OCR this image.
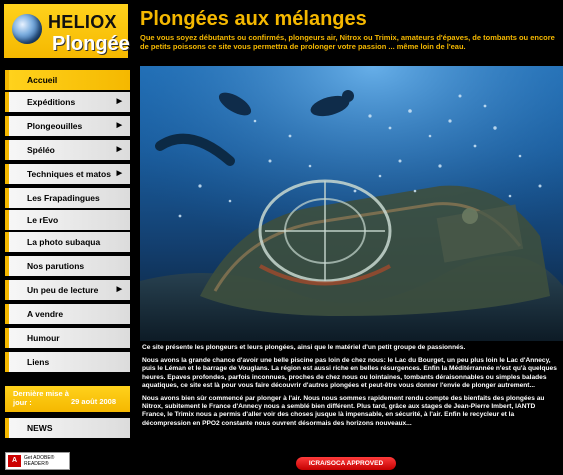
HELIOX
Plongée
Plongées aux mélanges
Que vous soyez débutants ou confirmés, plongeurs air, Nitrox ou Trimix, amateurs d'épaves, de tombants ou encore de petits poissons ce site vous permettra de prolonger votre passion ... même loin de l'eau.
Accueil
Expéditions	▶
Plongeouilles	▶
Spéléo	▶
Techniques et matos ▶
Les Frapadingues
Le rEvo
La photo subaqua
Nos parutions
Un peu de lecture	▶
A vendre
Humour
Liens
Dernière mise à jour :	29 août 2008
NEWS
A	Get ADOBE® READER®

Ce site présente les plongeurs et leurs plongées, ainsi que le matériel d'un petit groupe de passionnés.

Nous avons la grande chance d'avoir une belle piscine pas loin de chez nous: le Lac du Bourget, un peu plus loin le Lac d'Annecy, puis le Léman et le barrage de Vouglans. La région est aussi riche en belles résurgences. Enfin la Méditérrannée n'est qu'à quelques heures. Epaves profondes, parfois inconnues, proches de chez nous ou lointaines, tombants déraisonnables ou simples balades aquatiques, ce site est là pour vous faire découvrir d'autres plongées et peut-être vous donner l'envie de plonger autrement...

Nous avons bien sûr commencé par plonger à l'air. Nous nous sommes rapidement rendu compte des bienfaits des plongées au Nitrox, subitement le France d'Annecy nous a semblé bien différent. Plus tard, grâce aux stages de Jean-Pierre Imbert, IANTD France, le Trimix nous a permis d'aller voir des choses jusque là impensable, en sécurité, à l'air. Enfin le recycleur et la décompression en PPO2 constante nous ouvrent désormais des horizons nouveaux...

ICRA/SOCA APPROVED
